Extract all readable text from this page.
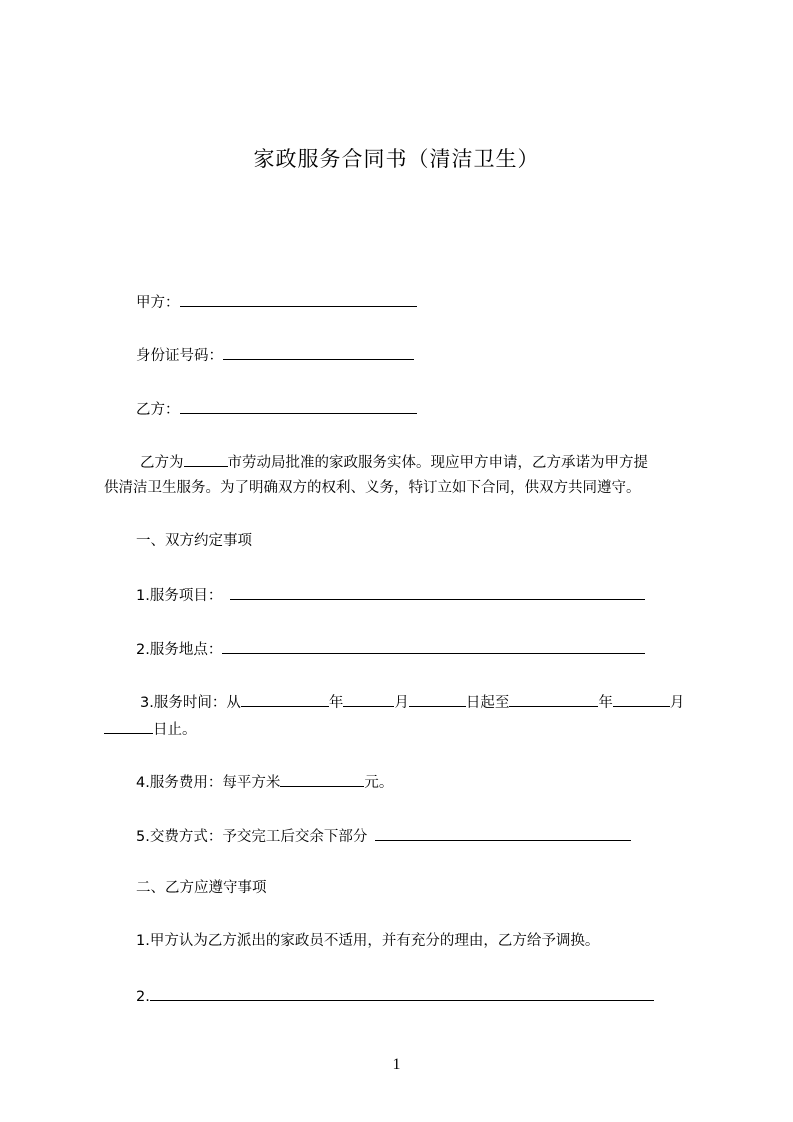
家政服务合同书（清洁卫生）
甲方：
身份证号码：
乙方：
乙方为	市劳动局批准的家政服务实体。现应甲方申请，乙方承诺为甲方提
供清洁卫生服务。为了明确双方的权利、义务，特订立如下合同，供双方共同遵守。
一、双方约定事项
1.服务项目：
2.服务地点：
3.服务时间：从	年	月	日起至	年	月
日止。
4.服务费用：每平方米	元。
5.交费方式：予交完工后交余下部分
二、乙方应遵守事项
1.甲方认为乙方派出的家政员不适用，并有充分的理由，乙方给予调换。
2.
1
